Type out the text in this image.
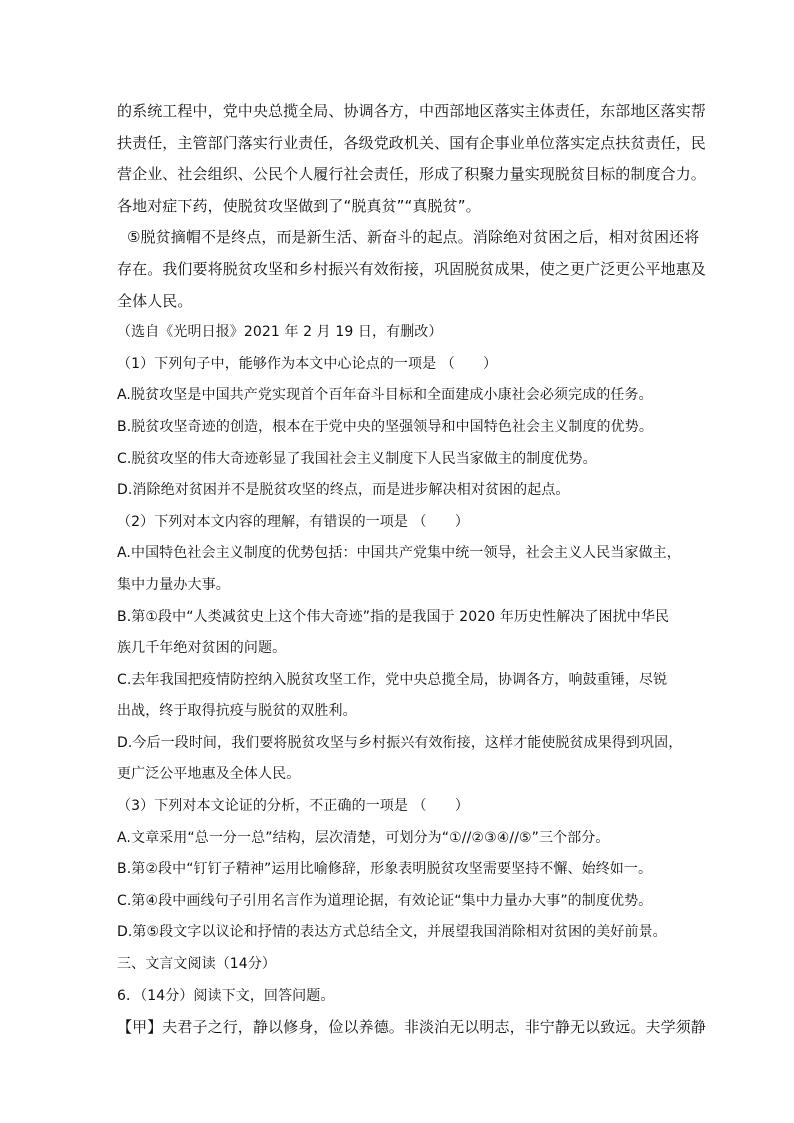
的系统工程中，党中央总揽全局、协调各方，中西部地区落实主体责任，东部地区落实帮
扶责任，主管部门落实行业责任，各级党政机关、国有企事业单位落实定点扶贫责任，民
营企业、社会组织、公民个人履行社会责任，形成了积聚力量实现脱贫目标的制度合力。
各地对症下药，使脱贫攻坚做到了“脱真贫”“真脱贫”。
⑤脱贫摘帽不是终点，而是新生活、新奋斗的起点。消除绝对贫困之后，相对贫困还将
存在。我们要将脱贫攻坚和乡村振兴有效衔接，巩固脱贫成果，使之更广泛更公平地惠及
全体人民。
（选自《光明日报》2021 年 2 月 19 日，有删改）
（1）下列句子中，能够作为本文中心论点的一项是 （　　）
A.脱贫攻坚是中国共产党实现首个百年奋斗目标和全面建成小康社会必须完成的任务。
B.脱贫攻坚奇迹的创造，根本在于党中央的坚强领导和中国特色社会主义制度的优势。
C.脱贫攻坚的伟大奇迹彰显了我国社会主义制度下人民当家做主的制度优势。
D.消除绝对贫困并不是脱贫攻坚的终点，而是进步解决相对贫困的起点。
（2）下列对本文内容的理解，有错误的一项是 （　　）
A.中国特色社会主义制度的优势包括：中国共产党集中统一领导，社会主义人民当家做主，
集中力量办大事。
B.第①段中“人类减贫史上这个伟大奇迹”指的是我国于 2020 年历史性解决了困扰中华民
族几千年绝对贫困的问题。
C.去年我国把疫情防控纳入脱贫攻坚工作，党中央总揽全局，协调各方，响鼓重锤，尽锐
出战，终于取得抗疫与脱贫的双胜利。
D.今后一段时间，我们要将脱贫攻坚与乡村振兴有效衔接，这样才能使脱贫成果得到巩固，
更广泛公平地惠及全体人民。
（3）下列对本文论证的分析，不正确的一项是 （　　）
A.文章采用“总一分一总”结构，层次清楚，可划分为“①//②③④//⑤”三个部分。
B.第②段中“钉钉子精神”运用比喻修辞，形象表明脱贫攻坚需要坚持不懈、始终如一。
C.第④段中画线句子引用名言作为道理论据，有效论证“集中力量办大事”的制度优势。
D.第⑤段文字以议论和抒情的表达方式总结全文，并展望我国消除相对贫困的美好前景。
三、文言文阅读（14分）
6．（14分）阅读下文，回答问题。
【甲】夫君子之行，静以修身，俭以养德。非淡泊无以明志，非宁静无以致远。夫学须静
